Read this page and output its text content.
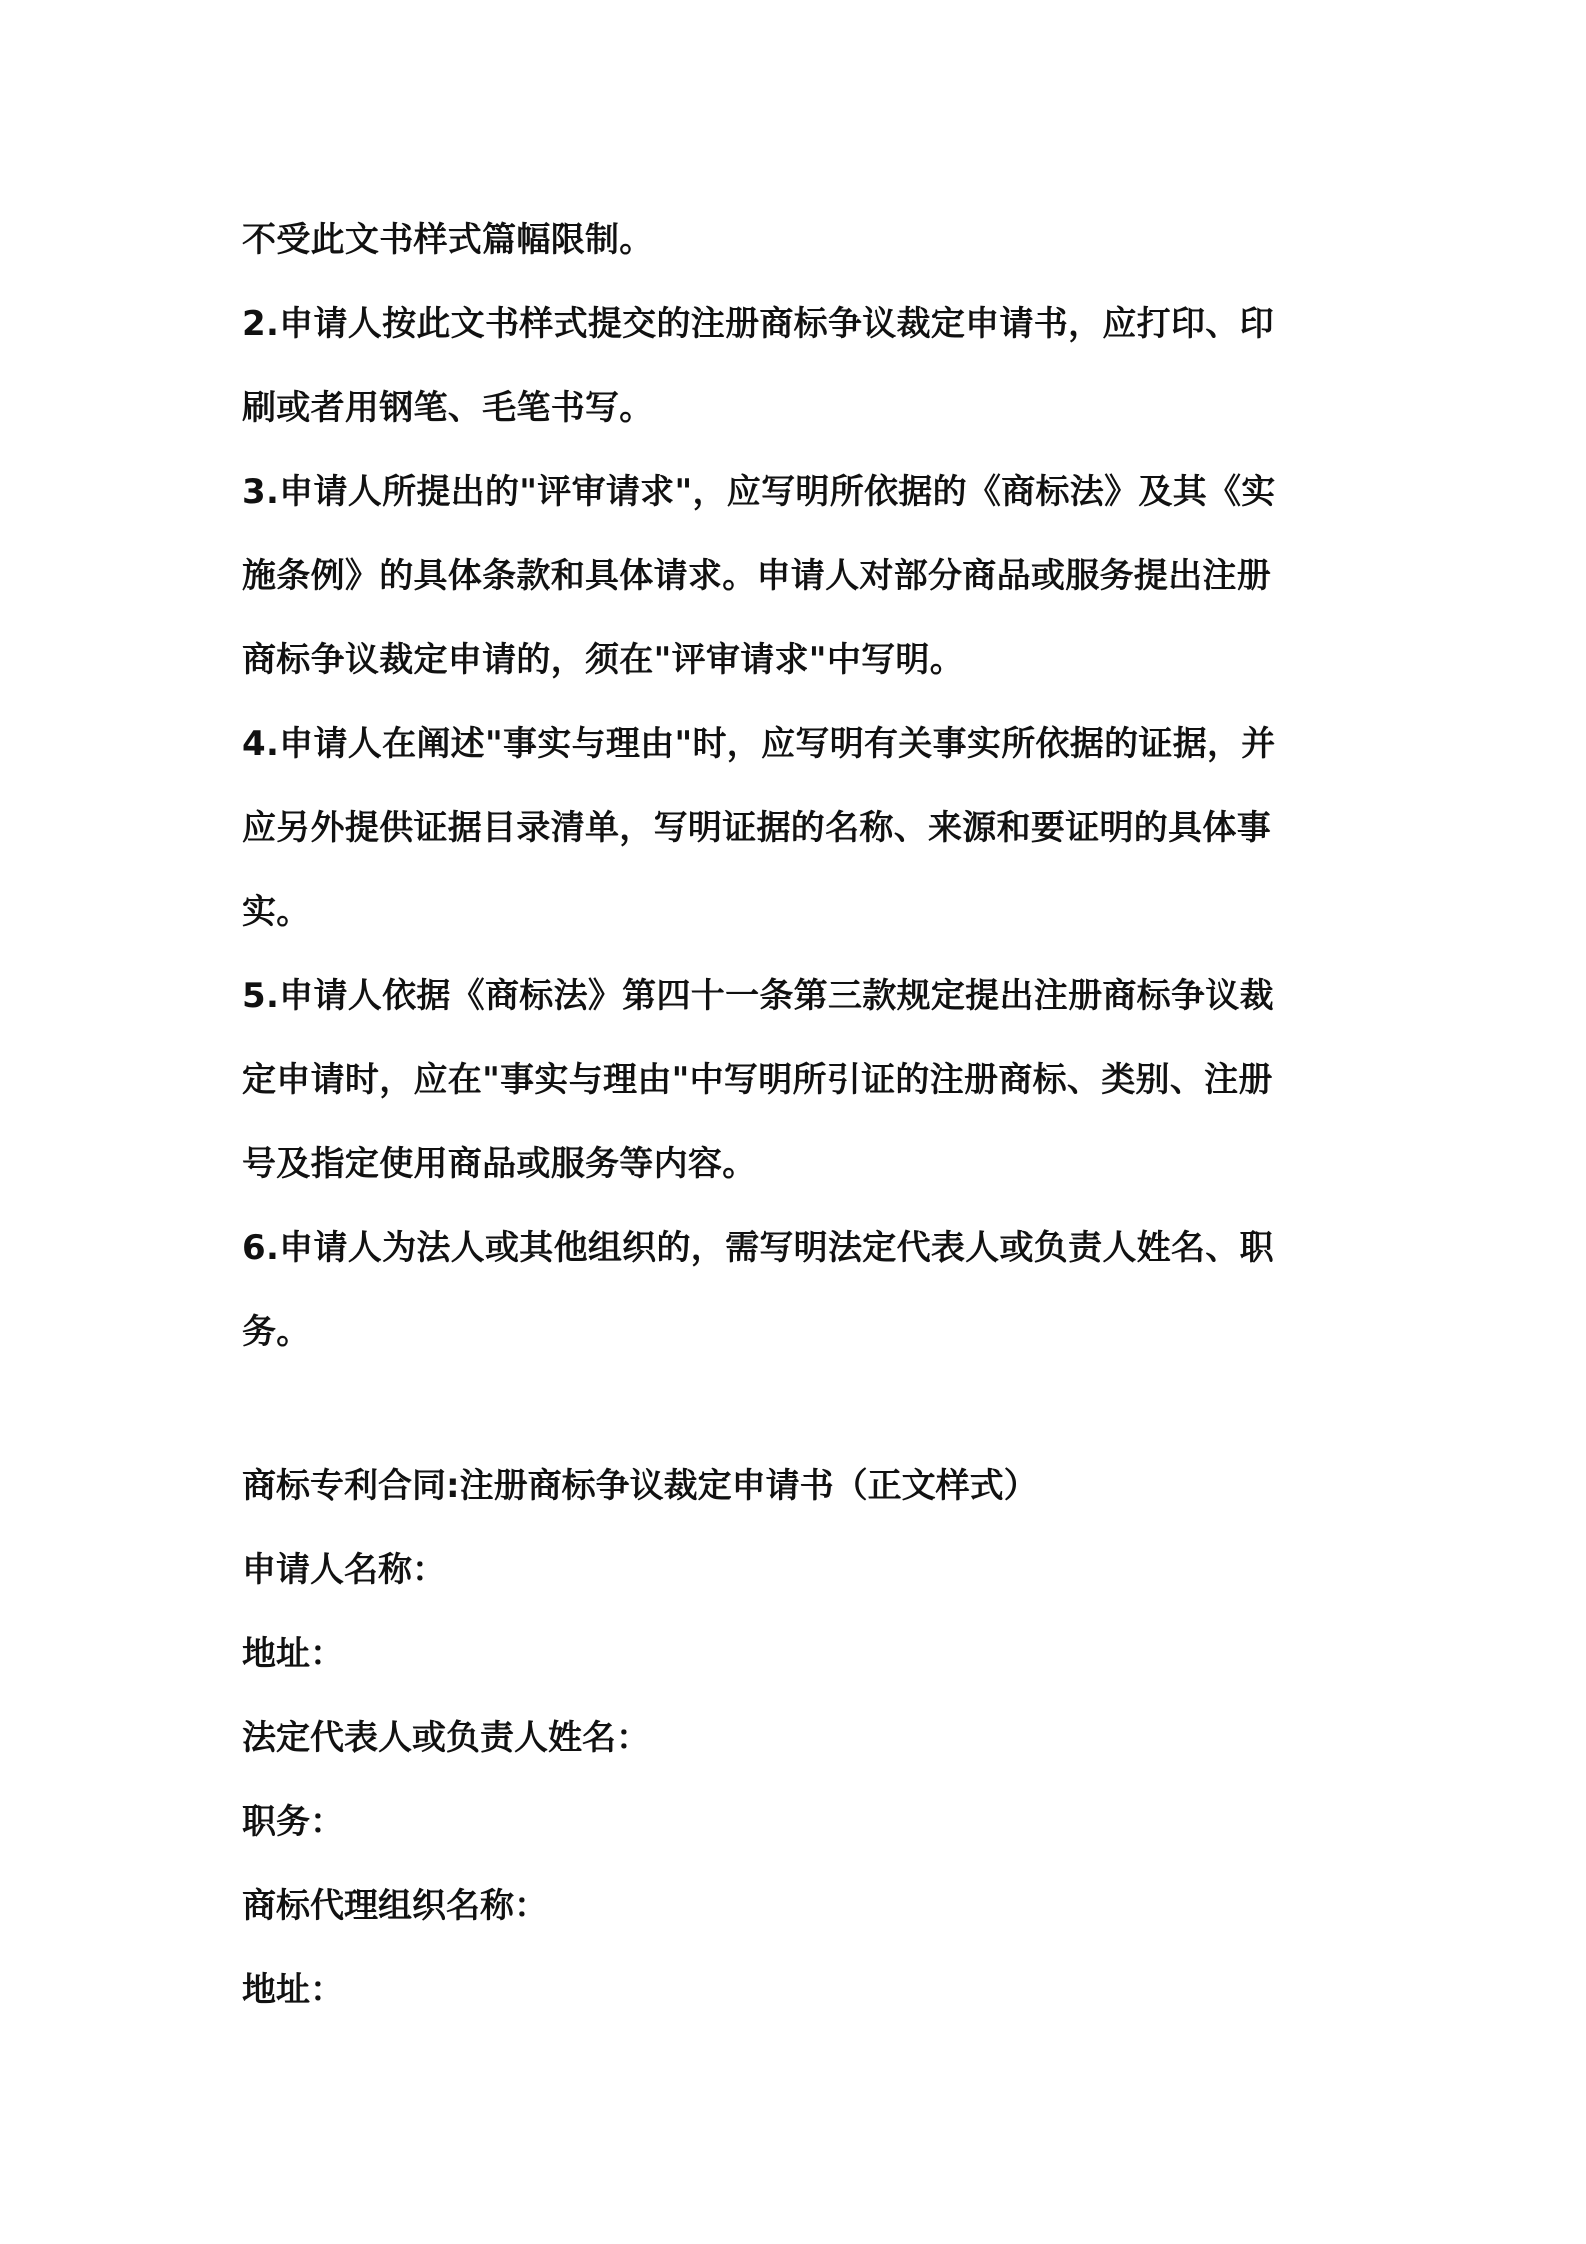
不受此文书样式篇幅限制。
2.申请人按此文书样式提交的注册商标争议裁定申请书，应打印、印
刷或者用钢笔、毛笔书写。
3.申请人所提出的"评审请求"，应写明所依据的《商标法》及其《实
施条例》的具体条款和具体请求。申请人对部分商品或服务提出注册
商标争议裁定申请的，须在"评审请求"中写明。
4.申请人在阐述"事实与理由"时，应写明有关事实所依据的证据，并
应另外提供证据目录清单，写明证据的名称、来源和要证明的具体事
实。
5.申请人依据《商标法》第四十一条第三款规定提出注册商标争议裁
定申请时，应在"事实与理由"中写明所引证的注册商标、类别、注册
号及指定使用商品或服务等内容。
6.申请人为法人或其他组织的，需写明法定代表人或负责人姓名、职
务。
商标专利合同:注册商标争议裁定申请书（正文样式）
申请人名称：
地址：
法定代表人或负责人姓名：
职务：
商标代理组织名称：
地址：
